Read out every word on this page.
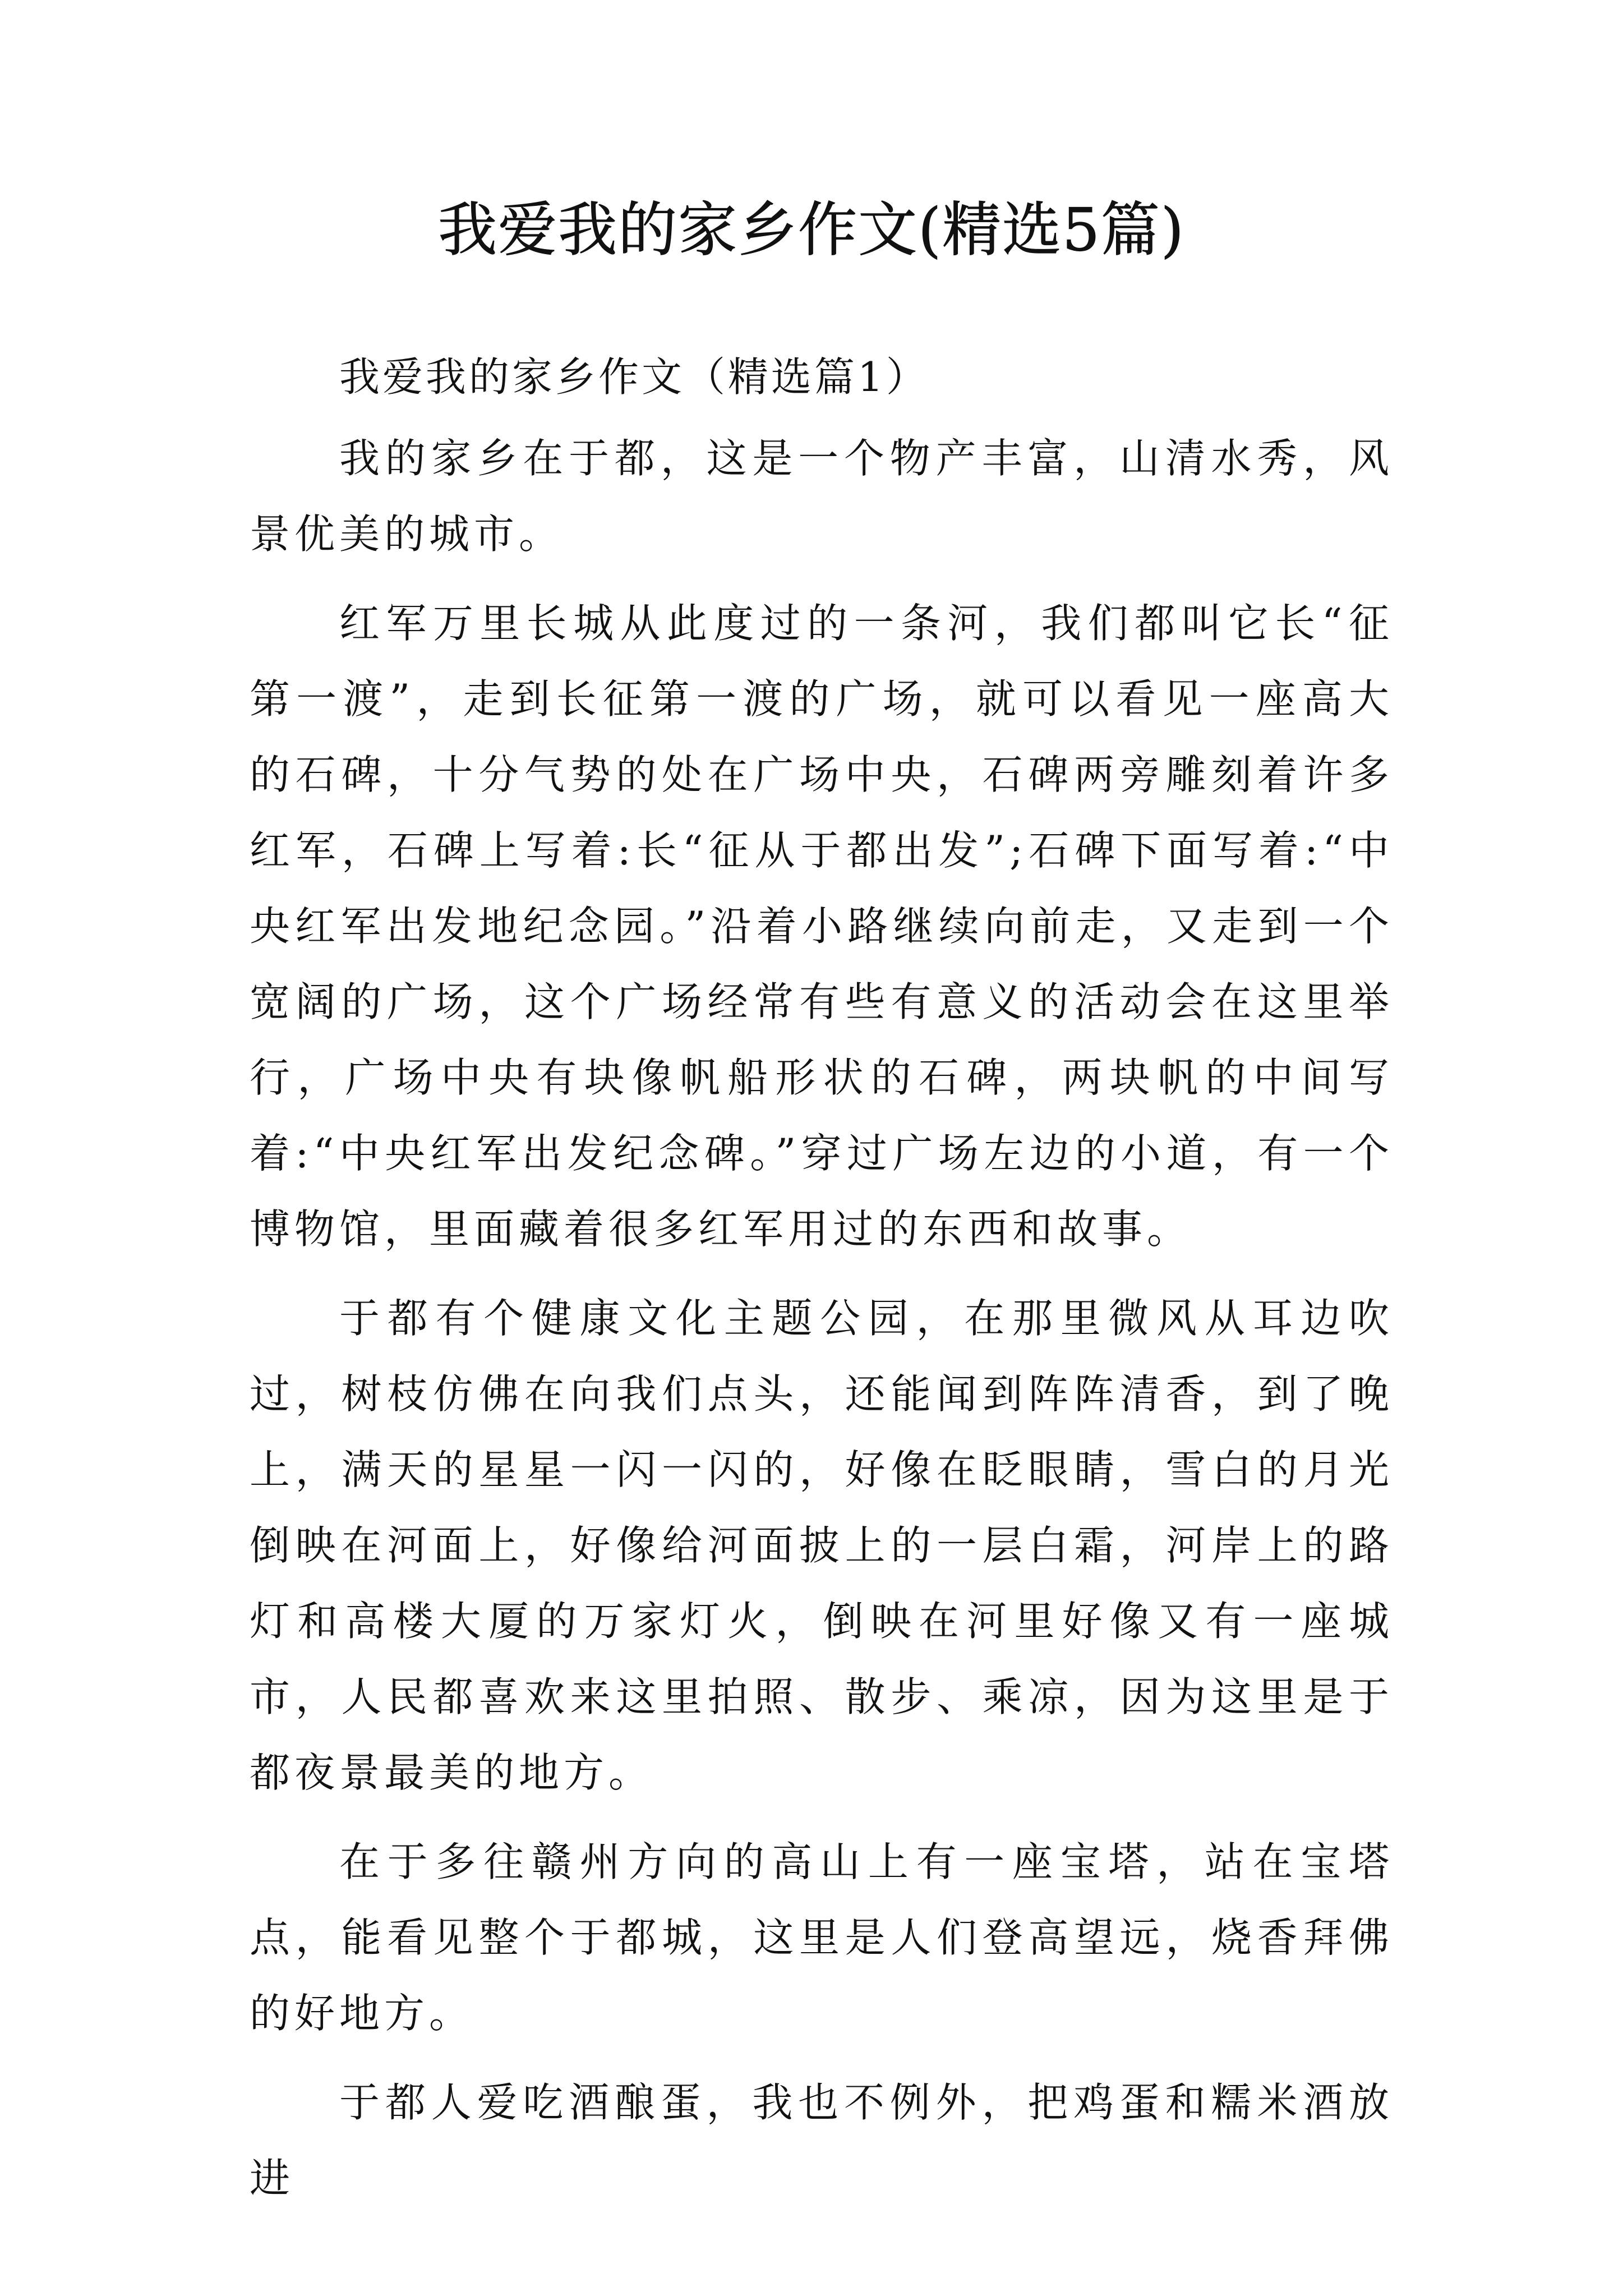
我爱我的家乡作文(精选5篇)

我爱我的家乡作文（精选篇1）

我的家乡在于都，这是一个物产丰富，山清水秀，风景优美的城市。

红军万里长城从此度过的一条河，我们都叫它长“征第一渡”，走到长征第一渡的广场，就可以看见一座高大的石碑，十分气势的处在广场中央，石碑两旁雕刻着许多红军，石碑上写着:长“征从于都出发”;石碑下面写着:“中央红军出发地纪念园。”沿着小路继续向前走，又走到一个宽阔的广场，这个广场经常有些有意义的活动会在这里举行，广场中央有块像帆船形状的石碑，两块帆的中间写着:“中央红军出发纪念碑。”穿过广场左边的小道，有一个博物馆，里面藏着很多红军用过的东西和故事。

于都有个健康文化主题公园，在那里微风从耳边吹过，树枝仿佛在向我们点头，还能闻到阵阵清香，到了晚上，满天的星星一闪一闪的，好像在眨眼睛，雪白的月光倒映在河面上，好像给河面披上的一层白霜，河岸上的路灯和高楼大厦的万家灯火，倒映在河里好像又有一座城市，人民都喜欢来这里拍照、散步、乘凉，因为这里是于都夜景最美的地方。

在于多往赣州方向的高山上有一座宝塔，站在宝塔点，能看见整个于都城，这里是人们登高望远，烧香拜佛的好地方。

于都人爱吃酒酿蛋，我也不例外，把鸡蛋和糯米酒放进
